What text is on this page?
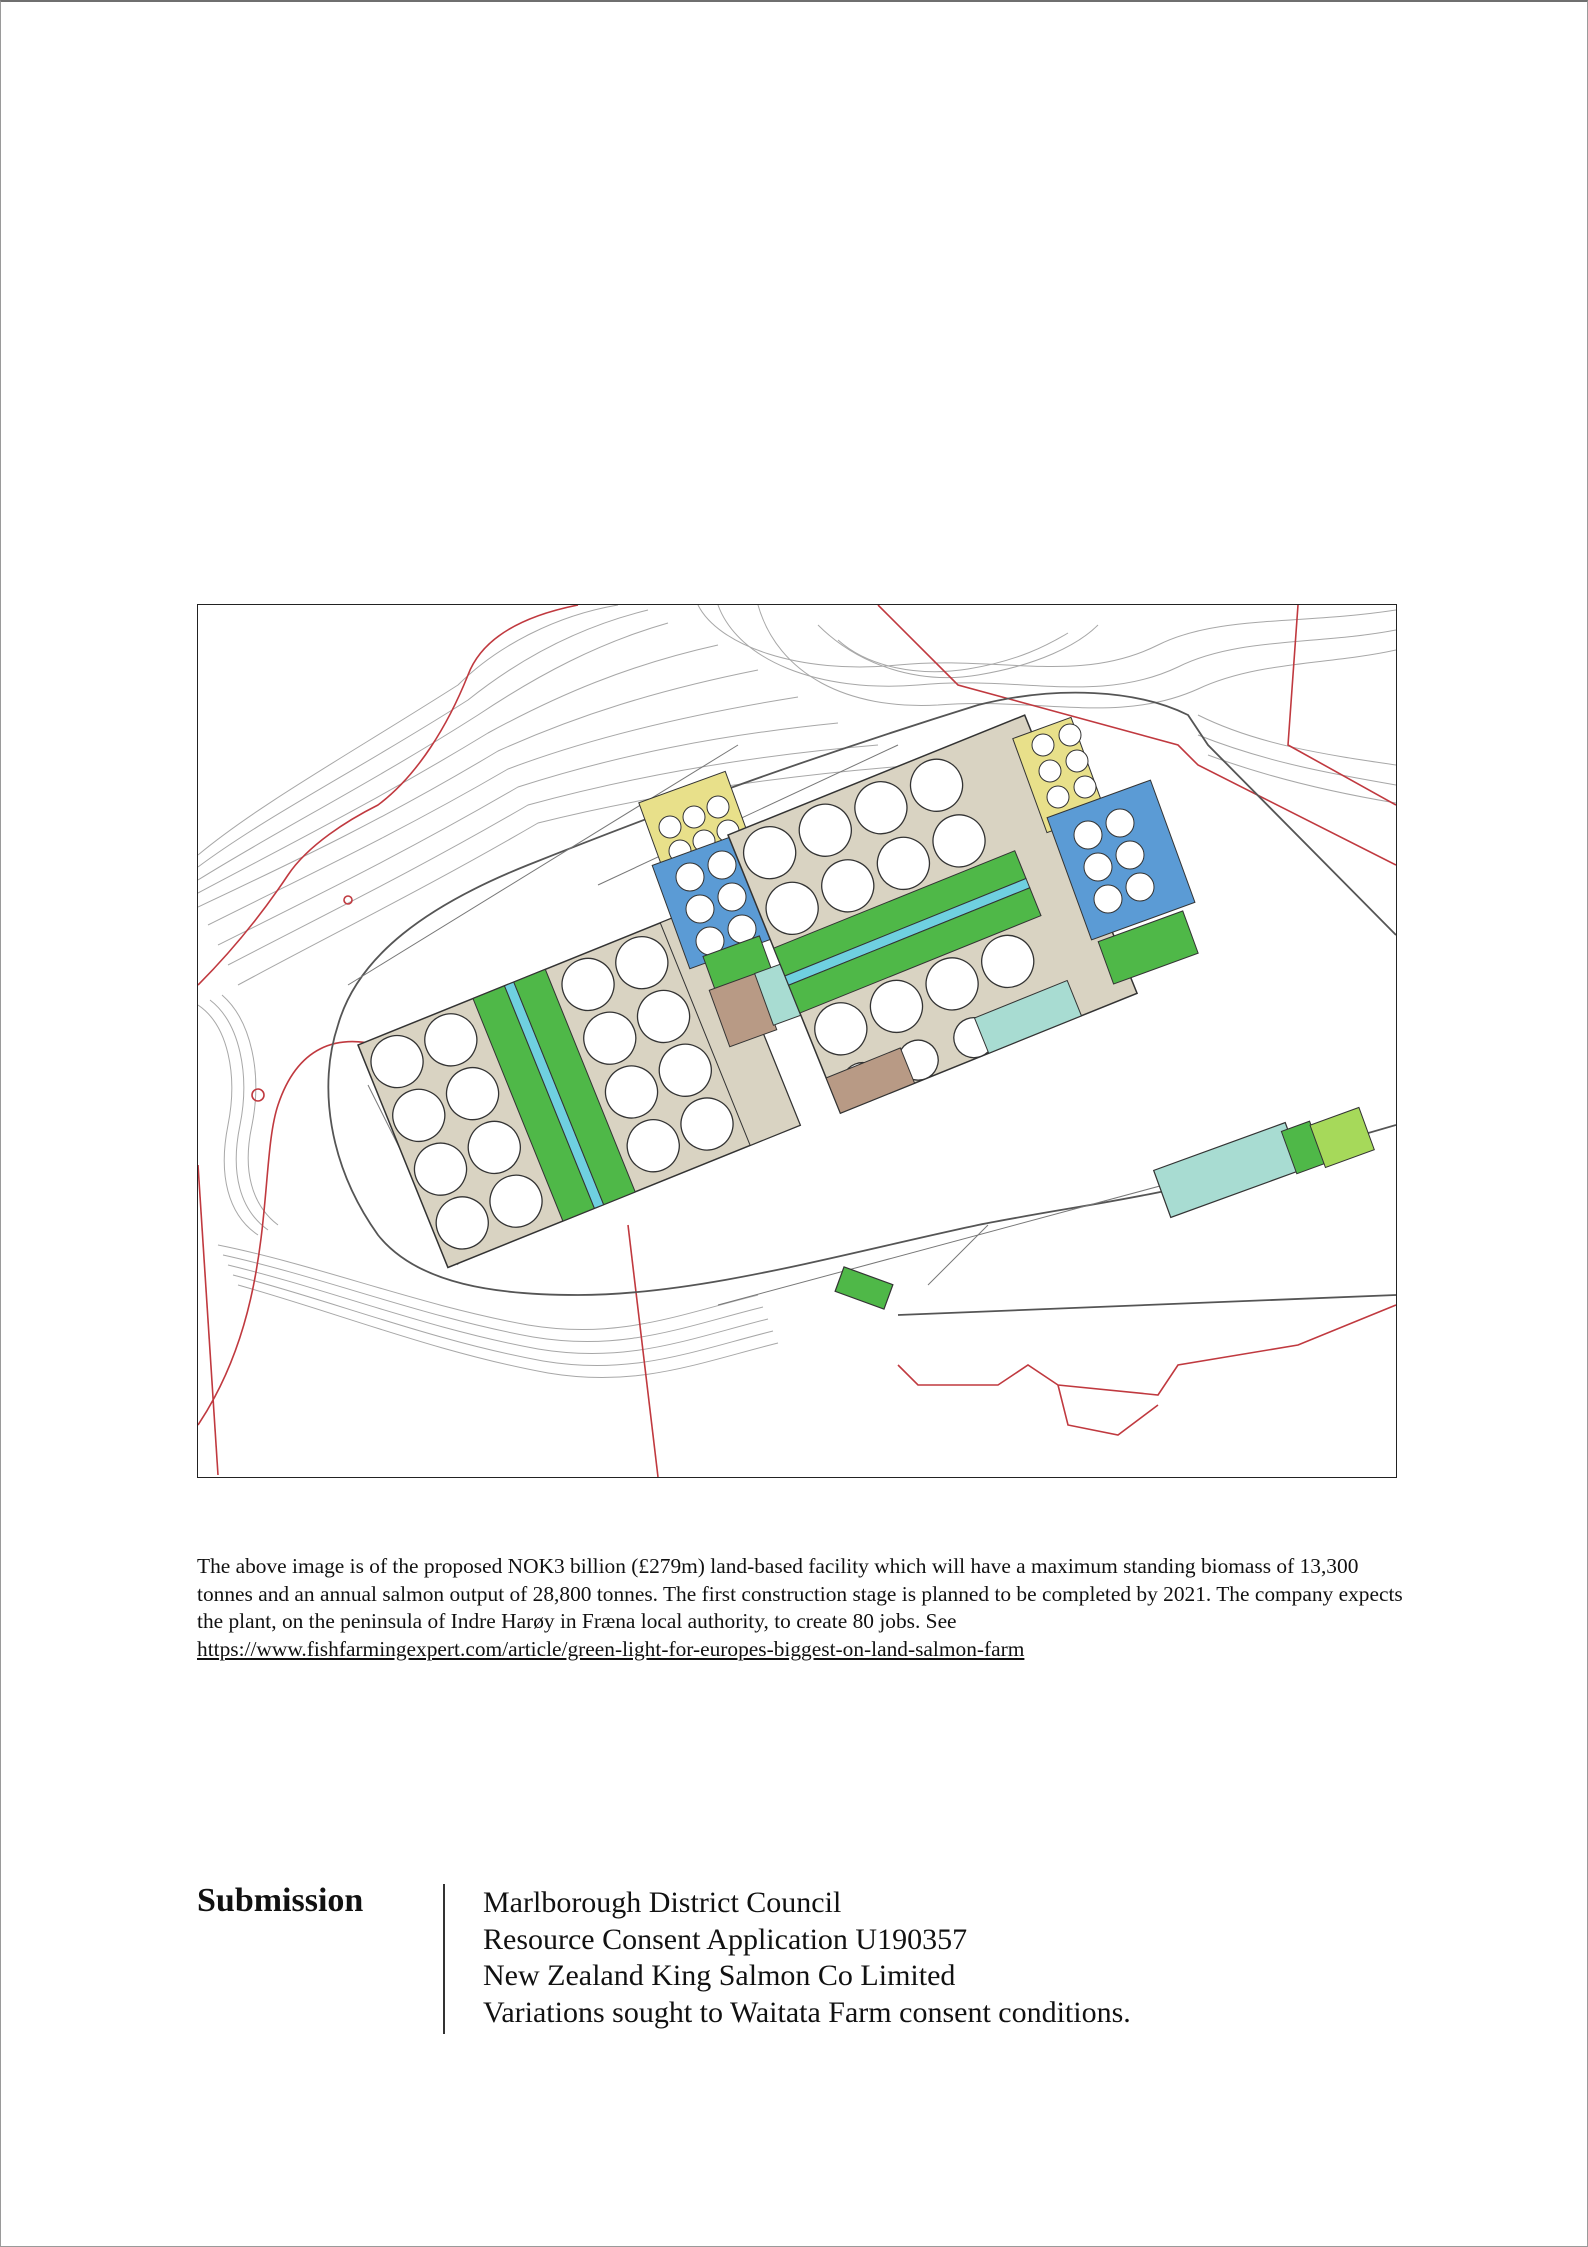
The above image is of the proposed NOK3 billion (£279m) land-based facility which will have a maximum standing biomass of 13,300 tonnes and an annual salmon output of 28,800 tonnes. The first construction stage is planned to be completed by 2021. The company expects the plant, on the peninsula of Indre Harøy in Fræna local authority, to create 80 jobs. See
https://www.fishfarmingexpert.com/article/green-light-for-europes-biggest-on-land-salmon-farm
Submission	Marlborough District Council
Resource Consent Application U190357
New Zealand King Salmon Co Limited
Variations sought to Waitata Farm consent conditions.
